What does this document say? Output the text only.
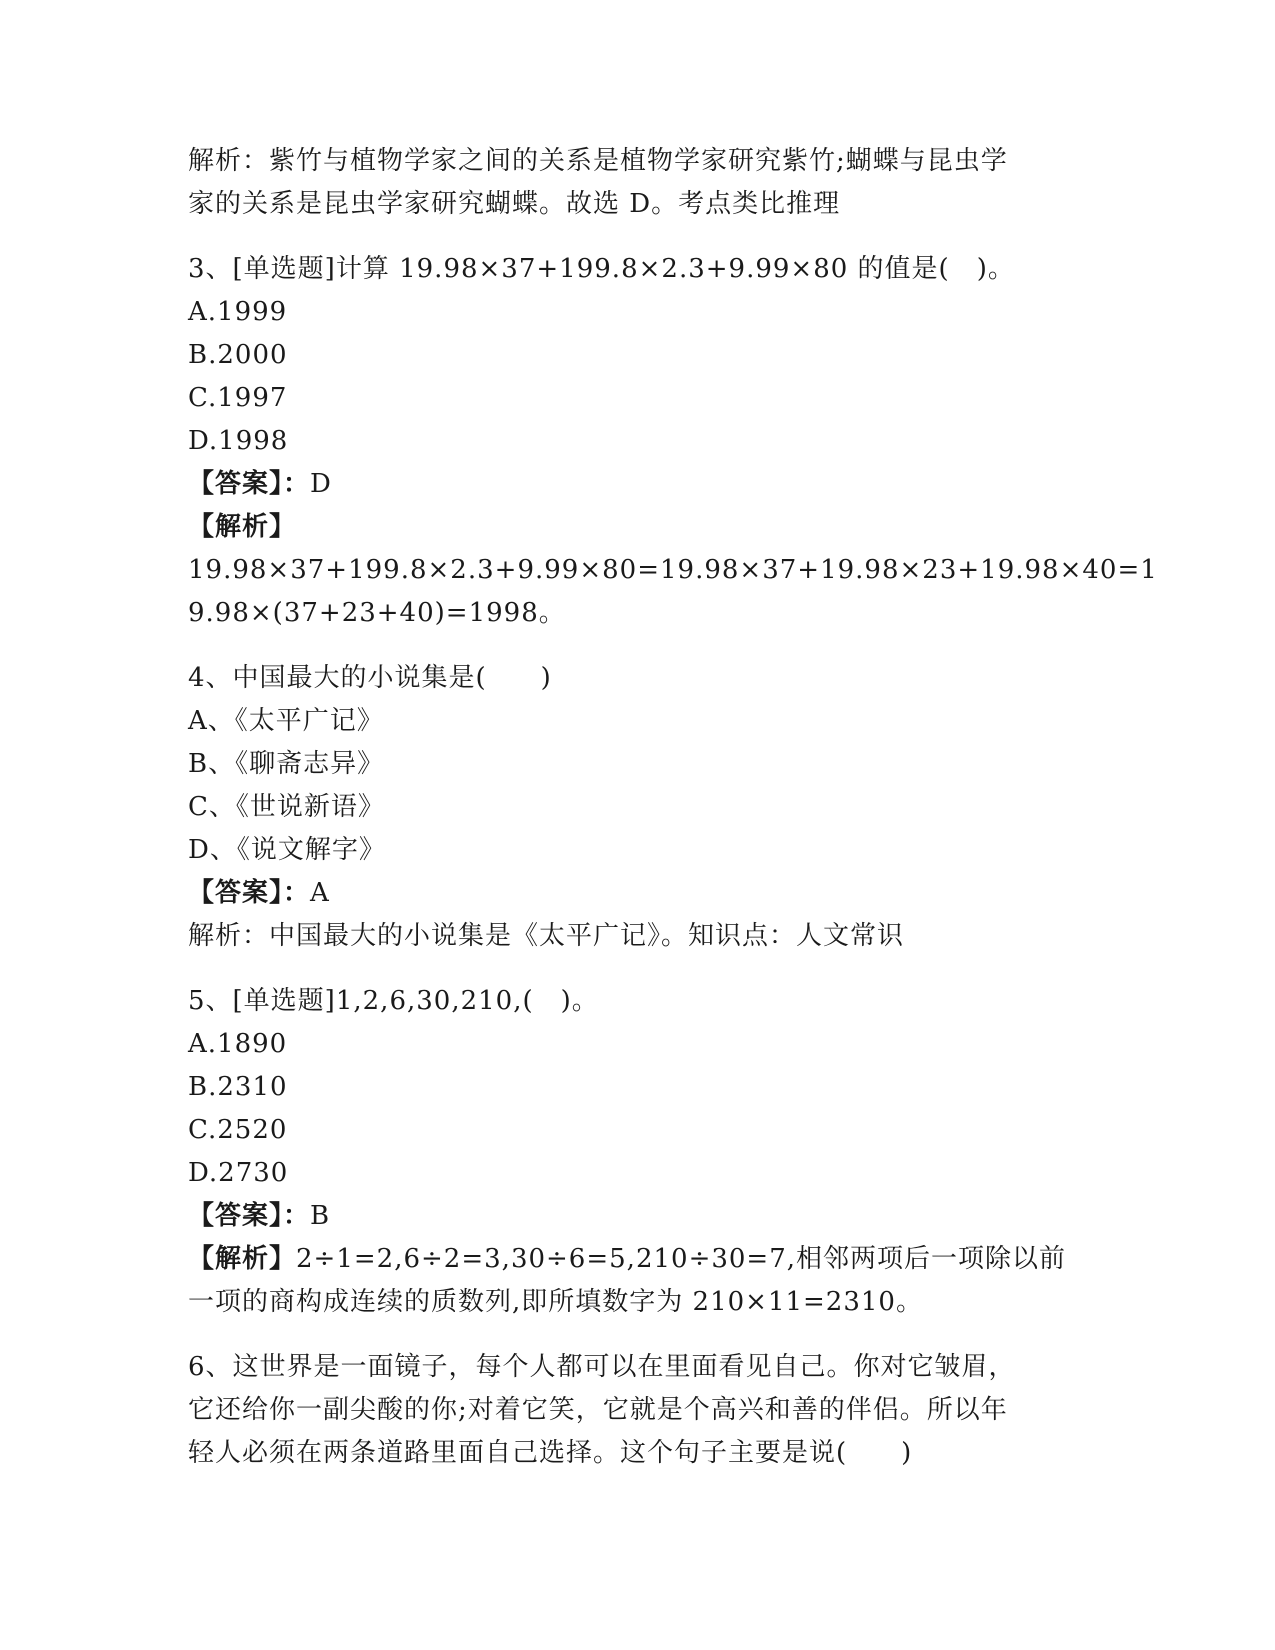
解析：紫竹与植物学家之间的关系是植物学家研究紫竹;蝴蝶与昆虫学
家的关系是昆虫学家研究蝴蝶。故选 D。考点类比推理
3、[单选题]计算 19.98×37+199.8×2.3+9.99×80 的值是(　)。
A.1999
B.2000
C.1997
D.1998
【答案】：D
【解析】
19.98×37+199.8×2.3+9.99×80=19.98×37+19.98×23+19.98×40=1
9.98×(37+23+40)=1998。
4、中国最大的小说集是(　　)
A、《太平广记》
B、《聊斋志异》
C、《世说新语》
D、《说文解字》
【答案】：A
解析：中国最大的小说集是《太平广记》。知识点：人文常识
5、[单选题]1,2,6,30,210,(　)。
A.1890
B.2310
C.2520
D.2730
【答案】：B
【解析】2÷1=2,6÷2=3,30÷6=5,210÷30=7,相邻两项后一项除以前
一项的商构成连续的质数列,即所填数字为 210×11=2310。
6、这世界是一面镜子，每个人都可以在里面看见自己。你对它皱眉，
它还给你一副尖酸的你;对着它笑，它就是个高兴和善的伴侣。所以年
轻人必须在两条道路里面自己选择。这个句子主要是说(　　)
